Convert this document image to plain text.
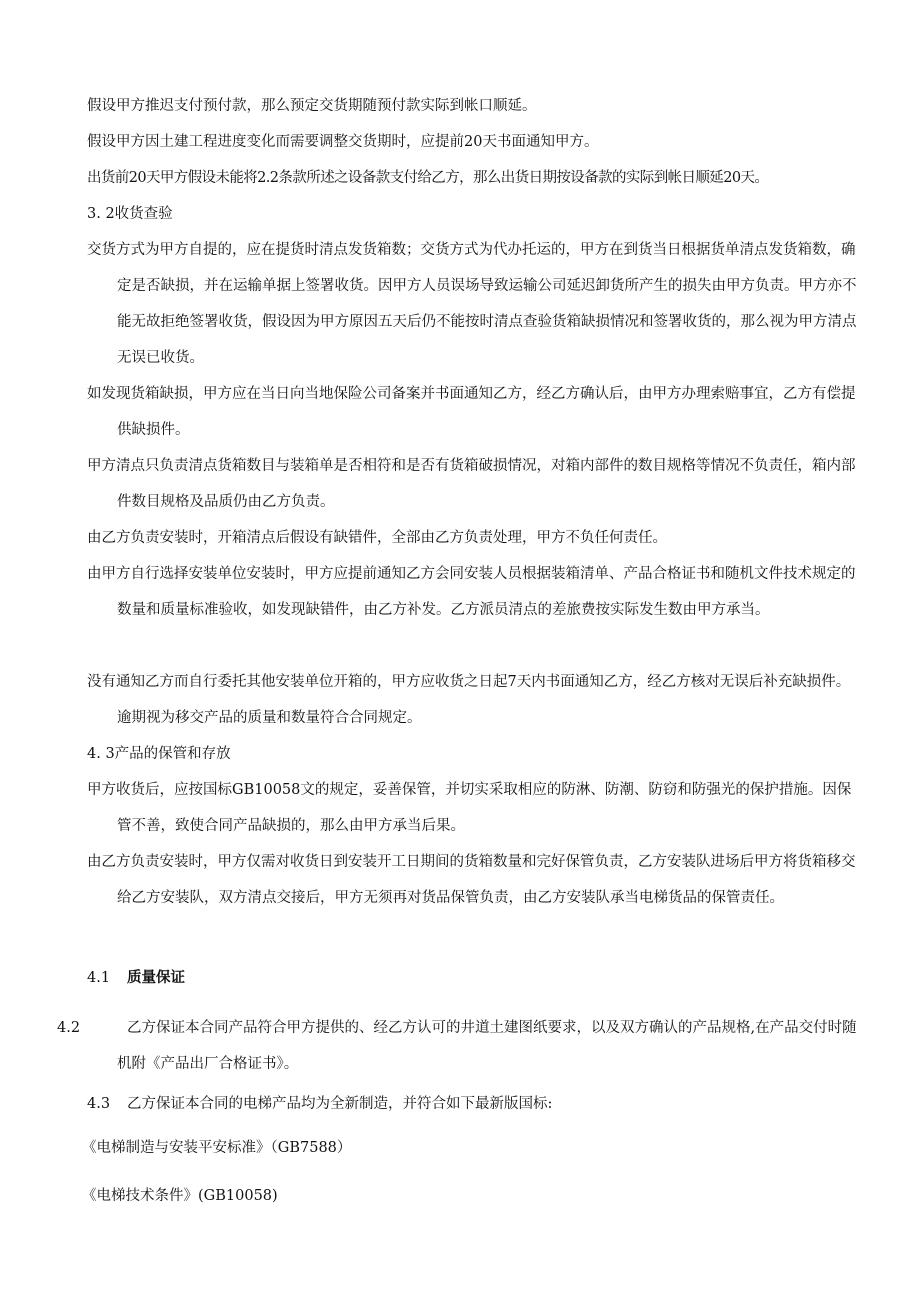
假设甲方推迟支付预付款，那么预定交货期随预付款实际到帐口顺延。

假设甲方因土建工程进度变化而需要调整交货期时，应提前20天书面通知甲方。

出货前20天甲方假设未能将2.2条款所述之设备款支付给乙方，那么出货日期按设备款的实际到帐日顺延20天。

3. 2收货查验

交货方式为甲方自提的，应在提货时清点发货箱数；交货方式为代办托运的，甲方在到货当日根据货单清点发货箱数，确定是否缺损，并在运输单据上签署收货。因甲方人员误场导致运输公司延迟卸货所产生的损失由甲方负责。甲方亦不能无故拒绝签署收货，假设因为甲方原因五天后仍不能按时清点查验货箱缺损情况和签署收货的，那么视为甲方清点无误已收货。

如发现货箱缺损，甲方应在当日向当地保险公司备案并书面通知乙方，经乙方确认后，由甲方办理索赔事宜，乙方有偿提供缺损件。

甲方清点只负责清点货箱数目与装箱单是否相符和是否有货箱破损情况，对箱内部件的数目规格等情况不负责任，箱内部件数目规格及品质仍由乙方负责。

由乙方负责安装时，开箱清点后假设有缺错件，全部由乙方负责处理，甲方不负任何责任。

由甲方自行选择安装单位安装时，甲方应提前通知乙方会同安装人员根据装箱清单、产品合格证书和随机文件技术规定的数量和质量标准验收，如发现缺错件，由乙方补发。乙方派员清点的差旅费按实际发生数由甲方承当。

没有通知乙方而自行委托其他安装单位开箱的，甲方应收货之日起7天内书面通知乙方，经乙方核对无误后补充缺损件。逾期视为移交产品的质量和数量符合合同规定。

4. 3产品的保管和存放

甲方收货后，应按国标GB10058文的规定，妥善保管，并切实采取相应的防淋、防潮、防窃和防强光的保护措施。因保管不善，致使合同产品缺损的，那么由甲方承当后果。

由乙方负责安装时，甲方仅需对收货日到安装开工日期间的货箱数量和完好保管负责，乙方安装队进场后甲方将货箱移交给乙方安装队，双方清点交接后，甲方无须再对货品保管负责，由乙方安装队承当电梯货品的保管责任。

4.1 质量保证

4.2	乙方保证本合同产品符合甲方提供的、经乙方认可的井道土建图纸要求，以及双方确认的产品规格,在产品交付时随机附《产品出厂合格证书》。

4.3 乙方保证本合同的电梯产品均为全新制造，并符合如下最新版国标:

《电梯制造与安装平安标准》（GB7588）

《电梯技术条件》(GB10058)
